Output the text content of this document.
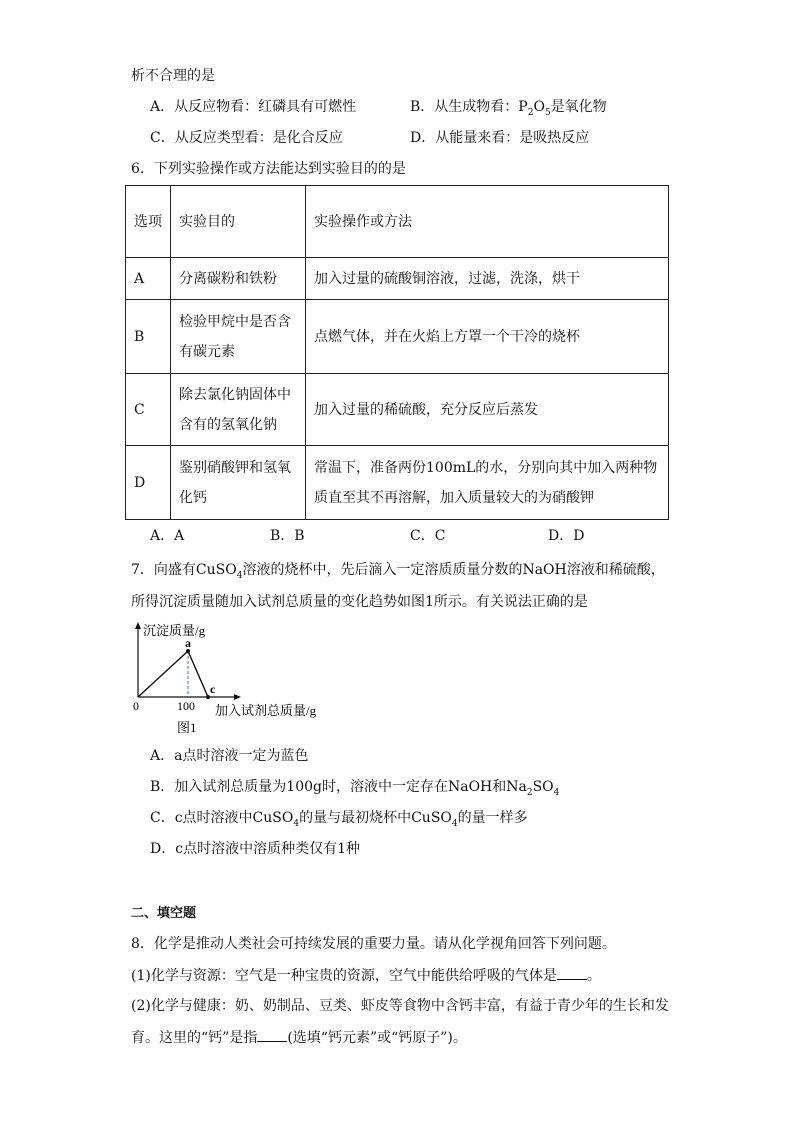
析不合理的是
A．从反应物看：红磷具有可燃性	B．从生成物看：$P_2O_5$是氧化物
C．从反应类型看：是化合反应	D．从能量来看：是吸热反应
6．下列实验操作或方法能达到实验目的的是
选项	实验目的	实验操作或方法
A	分离碳粉和铁粉	加入过量的硫酸铜溶液，过滤，洗涤，烘干
B	检验甲烷中是否含有碳元素	点燃气体，并在火焰上方罩一个干冷的烧杯
C	除去氯化钠固体中含有的氢氧化钠	加入过量的稀硫酸，充分反应后蒸发
D	鉴别硝酸钾和氢氧化钙	常温下，准备两份100mL的水，分别向其中加入两种物质直至其不再溶解，加入质量较大的为硝酸钾
A．A	B．B	C．C	D．D
7．向盛有CuSO$_4$溶液的烧杯中，先后滴入一定溶质质量分数的NaOH溶液和稀硫酸，
所得沉淀质量随加入试剂总质量的变化趋势如图1所示。有关说法正确的是
沉淀质量/g
加入试剂总质量/g
0	100
图1
a
c
A．a点时溶液一定为蓝色
B．加入试剂总质量为100g时，溶液中一定存在NaOH和$Na_2SO_4$
C．c点时溶液中CuSO$_4$的量与最初烧杯中CuSO$_4$的量一样多
D．c点时溶液中溶质种类仅有1种
二、填空题
8．化学是推动人类社会可持续发展的重要力量。请从化学视角回答下列问题。
(1)化学与资源：空气是一种宝贵的资源，空气中能供给呼吸的气体是 。
(2)化学与健康：奶、奶制品、豆类、虾皮等食物中含钙丰富，有益于青少年的生长和发
育。这里的“钙”是指 (选填“钙元素”或“钙原子”)。
